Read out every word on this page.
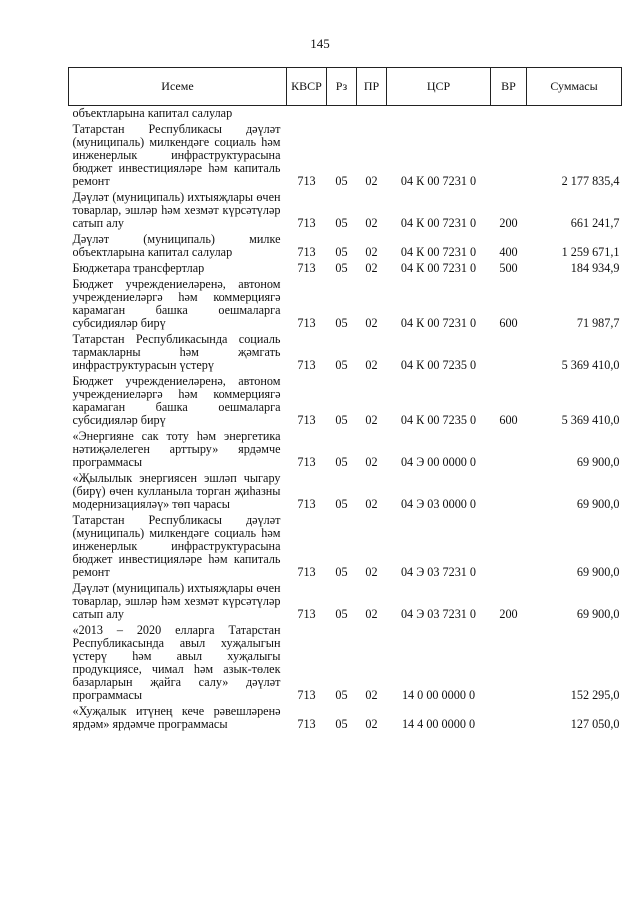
145
Исеме	КВСР	Рз	ПР	ЦСР	ВР	Суммасы
объектларына капитал салулар						
Татарстан Республикасы дәүләт (муниципаль) милкендәге социаль һәм инженерлык инфраструктурасына бюджет инвестицияләре һәм капиталь ремонт	713	05	02	04 К 00 7231 0		2 177 835,4
Дәүләт (муниципаль) ихтыяҗлары өчен товарлар, эшләр һәм хезмәт күрсәтүләр сатып алу	713	05	02	04 К 00 7231 0	200	661 241,7
Дәүләт (муниципаль) милке объектларына капитал салулар	713	05	02	04 К 00 7231 0	400	1 259 671,1
Бюджетара трансфертлар	713	05	02	04 К 00 7231 0	500	184 934,9
Бюджет учреждениеләренә, автоном учреждениеләргә һәм коммерциягә карамаган башка оешмаларга субсидияләр бирү	713	05	02	04 К 00 7231 0	600	71 987,7
Татарстан Республикасында социаль тармакларны һәм җәмгать инфраструктурасын үстерү	713	05	02	04 К 00 7235 0		5 369 410,0
Бюджет учреждениеләренә, автоном учреждениеләргә һәм коммерциягә карамаган башка оешмаларга субсидияләр бирү	713	05	02	04 К 00 7235 0	600	5 369 410,0
«Энергияне сак тоту һәм энергетика нәтиҗәлелеген арттыру» ярдәмче программасы	713	05	02	04 Э 00 0000 0		69 900,0
«Җылылык энергиясен эшләп чыгару (бирү) өчен кулланыла торган җиһазны модернизацияләү» төп чарасы	713	05	02	04 Э 03 0000 0		69 900,0
Татарстан Республикасы дәүләт (муниципаль) милкендәге социаль һәм инженерлык инфраструктурасына бюджет инвестицияләре һәм капиталь ремонт	713	05	02	04 Э 03 7231 0		69 900,0
Дәүләт (муниципаль) ихтыяҗлары өчен товарлар, эшләр һәм хезмәт күрсәтүләр сатып алу	713	05	02	04 Э 03 7231 0	200	69 900,0
«2013 – 2020 елларга Татарстан Республикасында авыл хуҗалыгын үстерү һәм авыл хуҗалыгы продукциясе, чимал һәм азык-төлек базарларын җайга салу» дәүләт программасы	713	05	02	14 0 00 0000 0		152 295,0
«Хуҗалык итүнең кече рәвешләренә ярдәм» ярдәмче программасы	713	05	02	14 4 00 0000 0		127 050,0
